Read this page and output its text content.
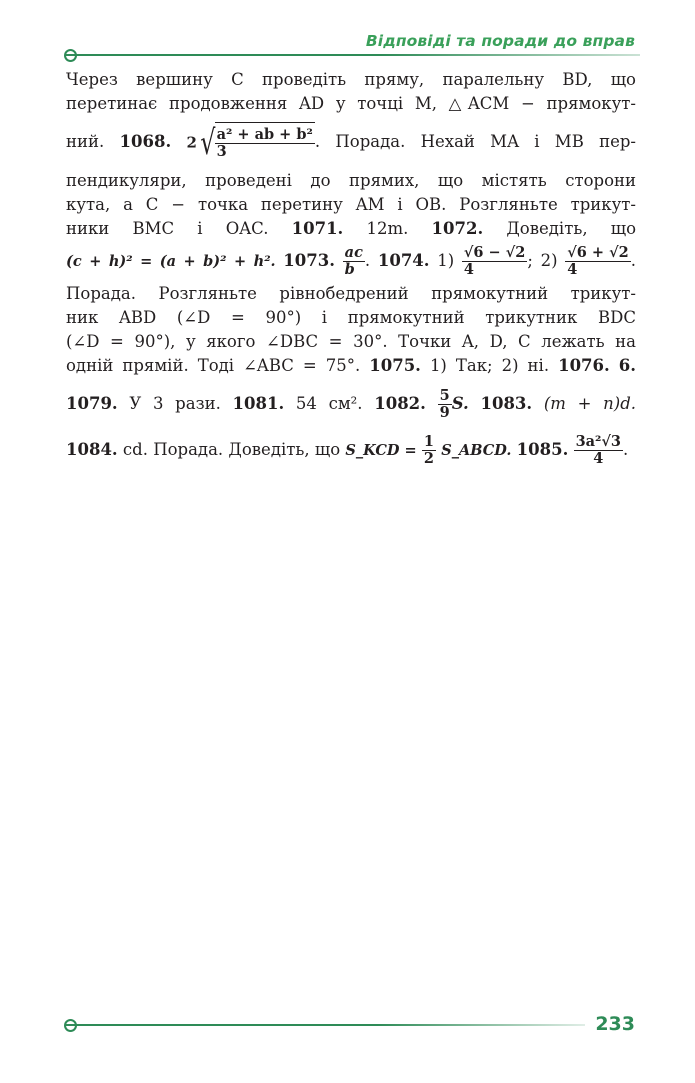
Відповіді та поради до вправ
Через вершину C проведіть пряму, паралельну BD, що
перетинає продовження AD у точці M, △ACM − прямокут-
ний. 1068. $2√ \frac{\text{a² + ab + b²}}{3}$ . Порада. Нехай MA і MB пер-
пендикуляри, проведені до прямих, що містять сторони
кута, а C − точка перетину AM і OB. Розгляньте трикут-
ники BMC і OAC. 1071. 12m. 1072. Доведіть, що
(c + h)² = (a + b)² + h². 1073. $\frac{ac}{b}$ . 1074. $1) \frac{√6 - √2}{4}$ ; $2) \frac{√6 + √2}{4}$ .
Порада. Розгляньте рівнобедрений прямокутний трикут-
ник ABD (∠D = 90°) і прямокутний трикутник BDC
(∠D = 90°), у якого ∠DBC = 30°. Точки A, D, C лежать на
одній прямій. Тоді ∠ABC = 75°. 1075. 1) Так; 2) ні. 1076. 6.
1079. У 3 рази. 1081. 54 см². 1082. $\frac{5}{9} S$. 1083. (m + n)d.
1084. cd. Порада. Доведіть, що S_KCD = $\frac{1}{2}$ S_ABCD. 1085. $\frac{\text{3a²√3}}{4}$ .
233
